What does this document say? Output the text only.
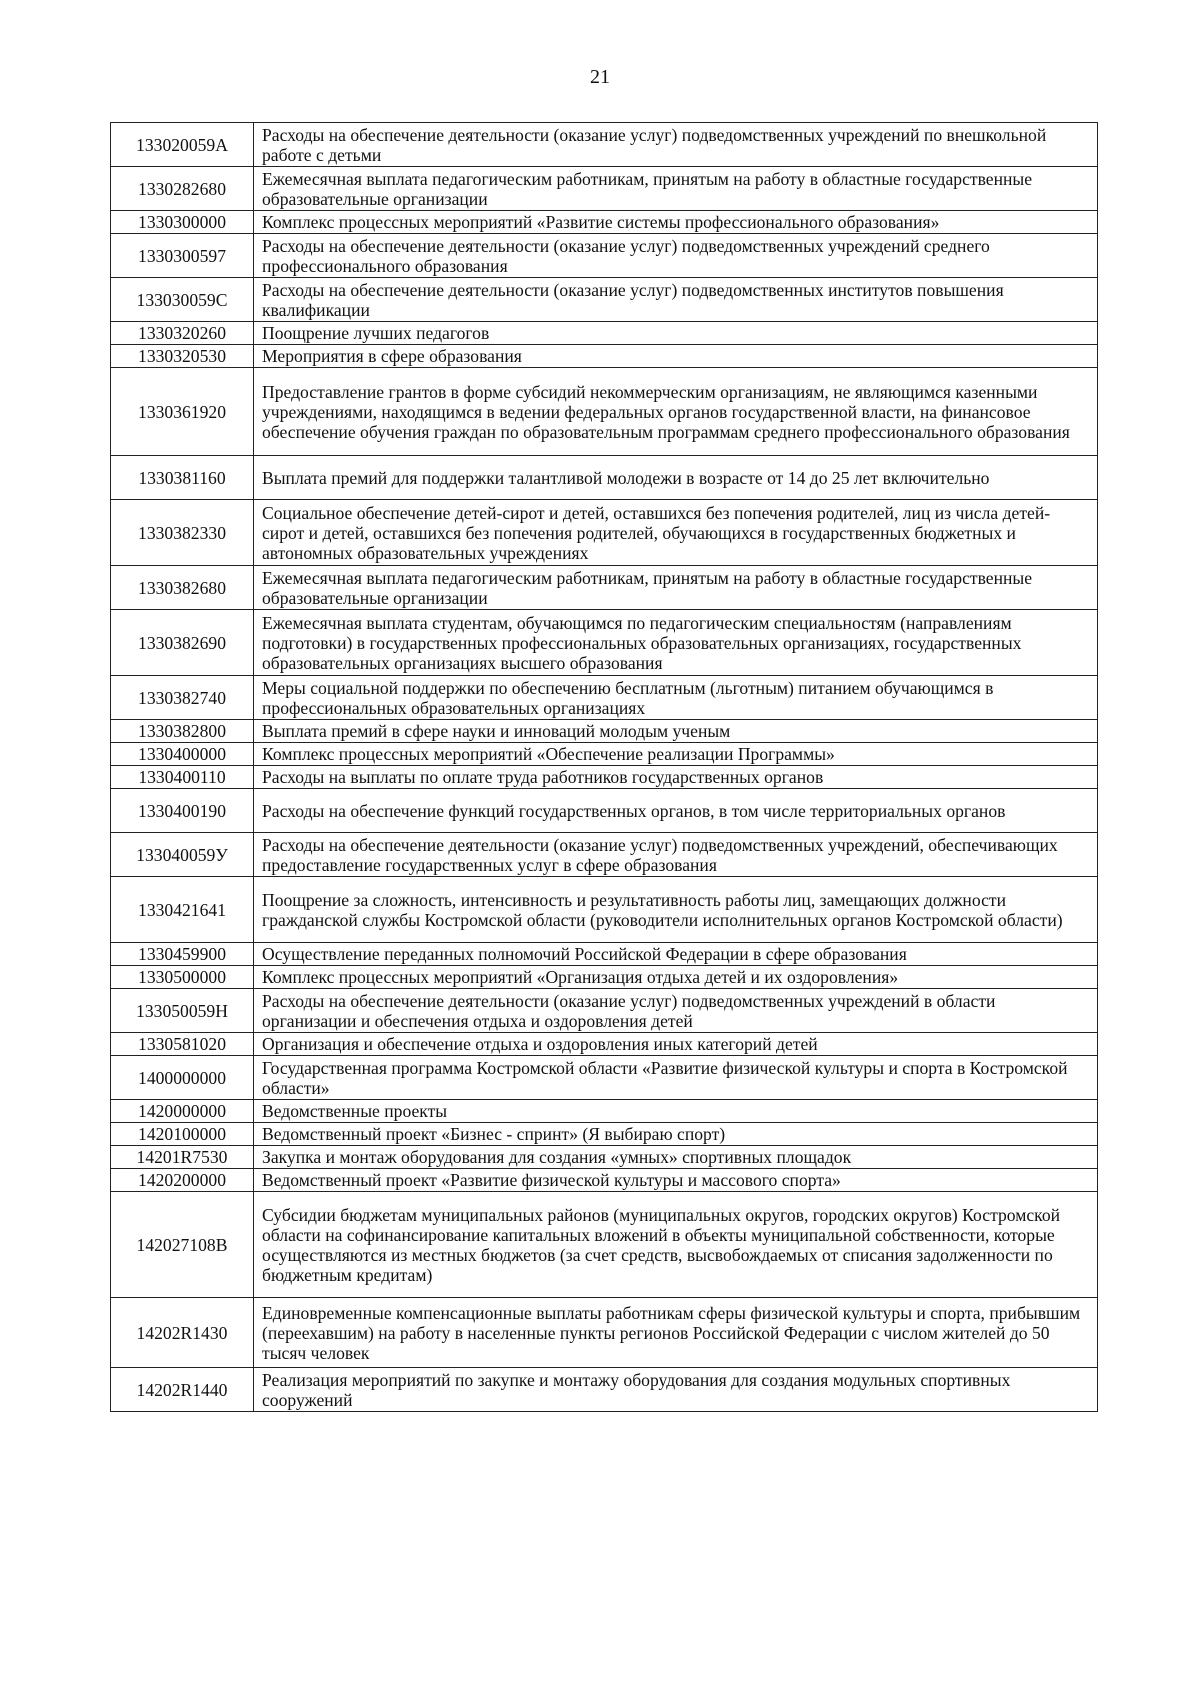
21
133020059A	Расходы на обеспечение деятельности (оказание услуг) подведомственных учреждений по внешкольной работе с детьми
1330282680	Ежемесячная выплата педагогическим работникам, принятым на работу в областные государственные образовательные организации
1330300000	Комплекс процессных мероприятий «Развитие системы профессионального образования»
1330300597	Расходы на обеспечение деятельности (оказание услуг) подведомственных учреждений среднего профессионального образования
133030059C	Расходы на обеспечение деятельности (оказание услуг) подведомственных институтов повышения квалификации
1330320260	Поощрение лучших педагогов
1330320530	Мероприятия в сфере образования
1330361920	Предоставление грантов в форме субсидий некоммерческим организациям, не являющимся казенными учреждениями, находящимся в ведении федеральных органов государственной власти, на финансовое обеспечение обучения граждан по образовательным программам среднего профессионального образования
1330381160	Выплата премий для поддержки талантливой молодежи в возрасте от 14 до 25 лет включительно
1330382330	Социальное обеспечение детей-сирот и детей, оставшихся без попечения родителей, лиц из числа детей-сирот и детей, оставшихся без попечения родителей, обучающихся в государственных бюджетных и автономных образовательных учреждениях
1330382680	Ежемесячная выплата педагогическим работникам, принятым на работу в областные государственные образовательные организации
1330382690	Ежемесячная выплата студентам, обучающимся по педагогическим специальностям (направлениям подготовки) в государственных профессиональных образовательных организациях, государственных образовательных организациях высшего образования
1330382740	Меры социальной поддержки по обеспечению бесплатным (льготным) питанием обучающимся в профессиональных образовательных организациях
1330382800	Выплата премий в сфере науки и инноваций молодым ученым
1330400000	Комплекс процессных мероприятий «Обеспечение реализации Программы»
1330400110	Расходы на выплаты по оплате труда работников государственных органов
1330400190	Расходы на обеспечение функций государственных органов, в том числе территориальных органов
133040059У	Расходы на обеспечение деятельности (оказание услуг) подведомственных учреждений, обеспечивающих предоставление государственных услуг в сфере образования
1330421641	Поощрение за сложность, интенсивность и результативность работы лиц, замещающих должности гражданской службы Костромской области (руководители исполнительных органов Костромской области)
1330459900	Осуществление переданных полномочий Российской Федерации в сфере образования
1330500000	Комплекс процессных мероприятий «Организация отдыха детей и их оздоровления»
133050059Н	Расходы на обеспечение деятельности (оказание услуг) подведомственных учреждений в области организации и обеспечения отдыха и оздоровления детей
1330581020	Организация и обеспечение отдыха и оздоровления иных категорий детей
1400000000	Государственная программа Костромской области «Развитие физической культуры и спорта в Костромской области»
1420000000	Ведомственные проекты
1420100000	Ведомственный проект «Бизнес - спринт» (Я выбираю спорт)
14201R7530	Закупка и монтаж оборудования для создания «умных» спортивных площадок
1420200000	Ведомственный проект «Развитие физической культуры и массового спорта»
142027108В	Субсидии бюджетам муниципальных районов (муниципальных округов, городских округов) Костромской области на софинансирование капитальных вложений в объекты муниципальной собственности, которые осуществляются из местных бюджетов (за счет средств, высвобождаемых от списания задолженности по бюджетным кредитам)
14202R1430	Единовременные компенсационные выплаты работникам сферы физической культуры и спорта, прибывшим (переехавшим) на работу в населенные пункты регионов Российской Федерации с числом жителей до 50 тысяч человек
14202R1440	Реализация мероприятий по закупке и монтажу оборудования для создания модульных спортивных сооружений
